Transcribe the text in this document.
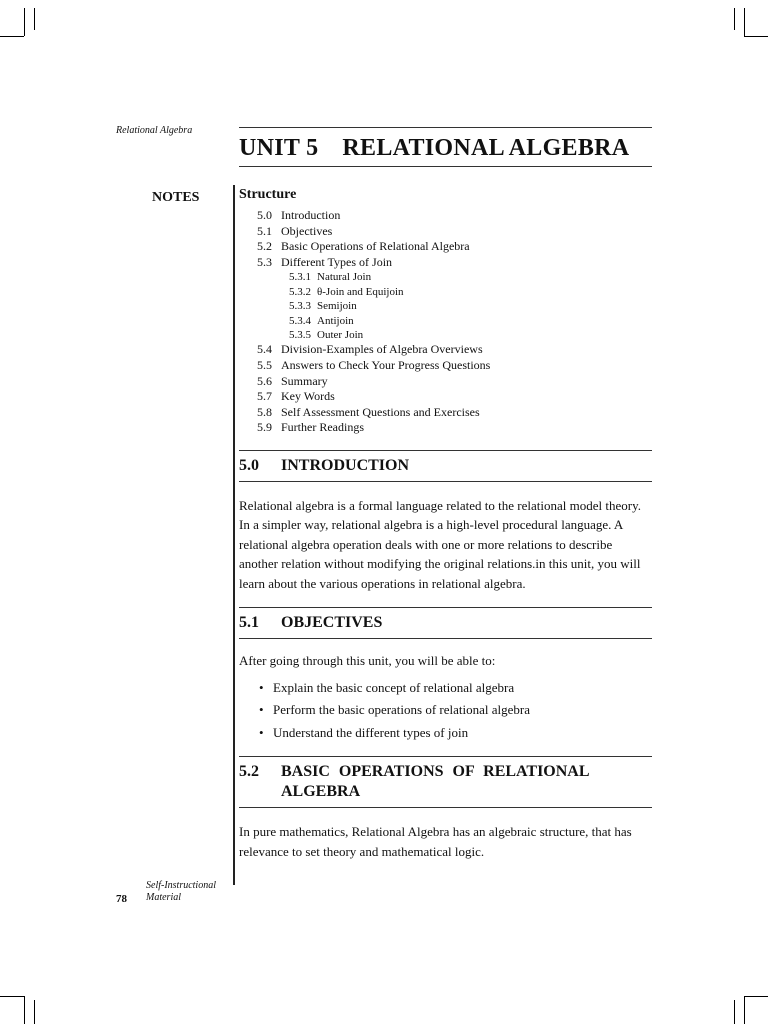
Relational Algebra
NOTES
78
Self-Instructional Material
UNIT 5 RELATIONAL ALGEBRA
Structure
5.0 Introduction
5.1 Objectives
5.2 Basic Operations of Relational Algebra
5.3 Different Types of Join
5.3.1 Natural Join
5.3.2 θ-Join and Equijoin
5.3.3 Semijoin
5.3.4 Antijoin
5.3.5 Outer Join
5.4 Division-Examples of Algebra Overviews
5.5 Answers to Check Your Progress Questions
5.6 Summary
5.7 Key Words
5.8 Self Assessment Questions and Exercises
5.9 Further Readings
5.0	INTRODUCTION

Relational algebra is a formal language related to the relational model theory. In a simpler way, relational algebra is a high-level procedural language. A relational algebra operation deals with one or more relations to describe another relation without modifying the original relations.in this unit, you will learn about the various operations in relational algebra.

5.1	OBJECTIVES

After going through this unit, you will be able to:

• Explain the basic concept of relational algebra
• Perform the basic operations of relational algebra
• Understand the different types of join
5.2	BASIC OPERATIONS OF RELATIONAL ALGEBRA

In pure mathematics, Relational Algebra has an algebraic structure, that has relevance to set theory and mathematical logic.
